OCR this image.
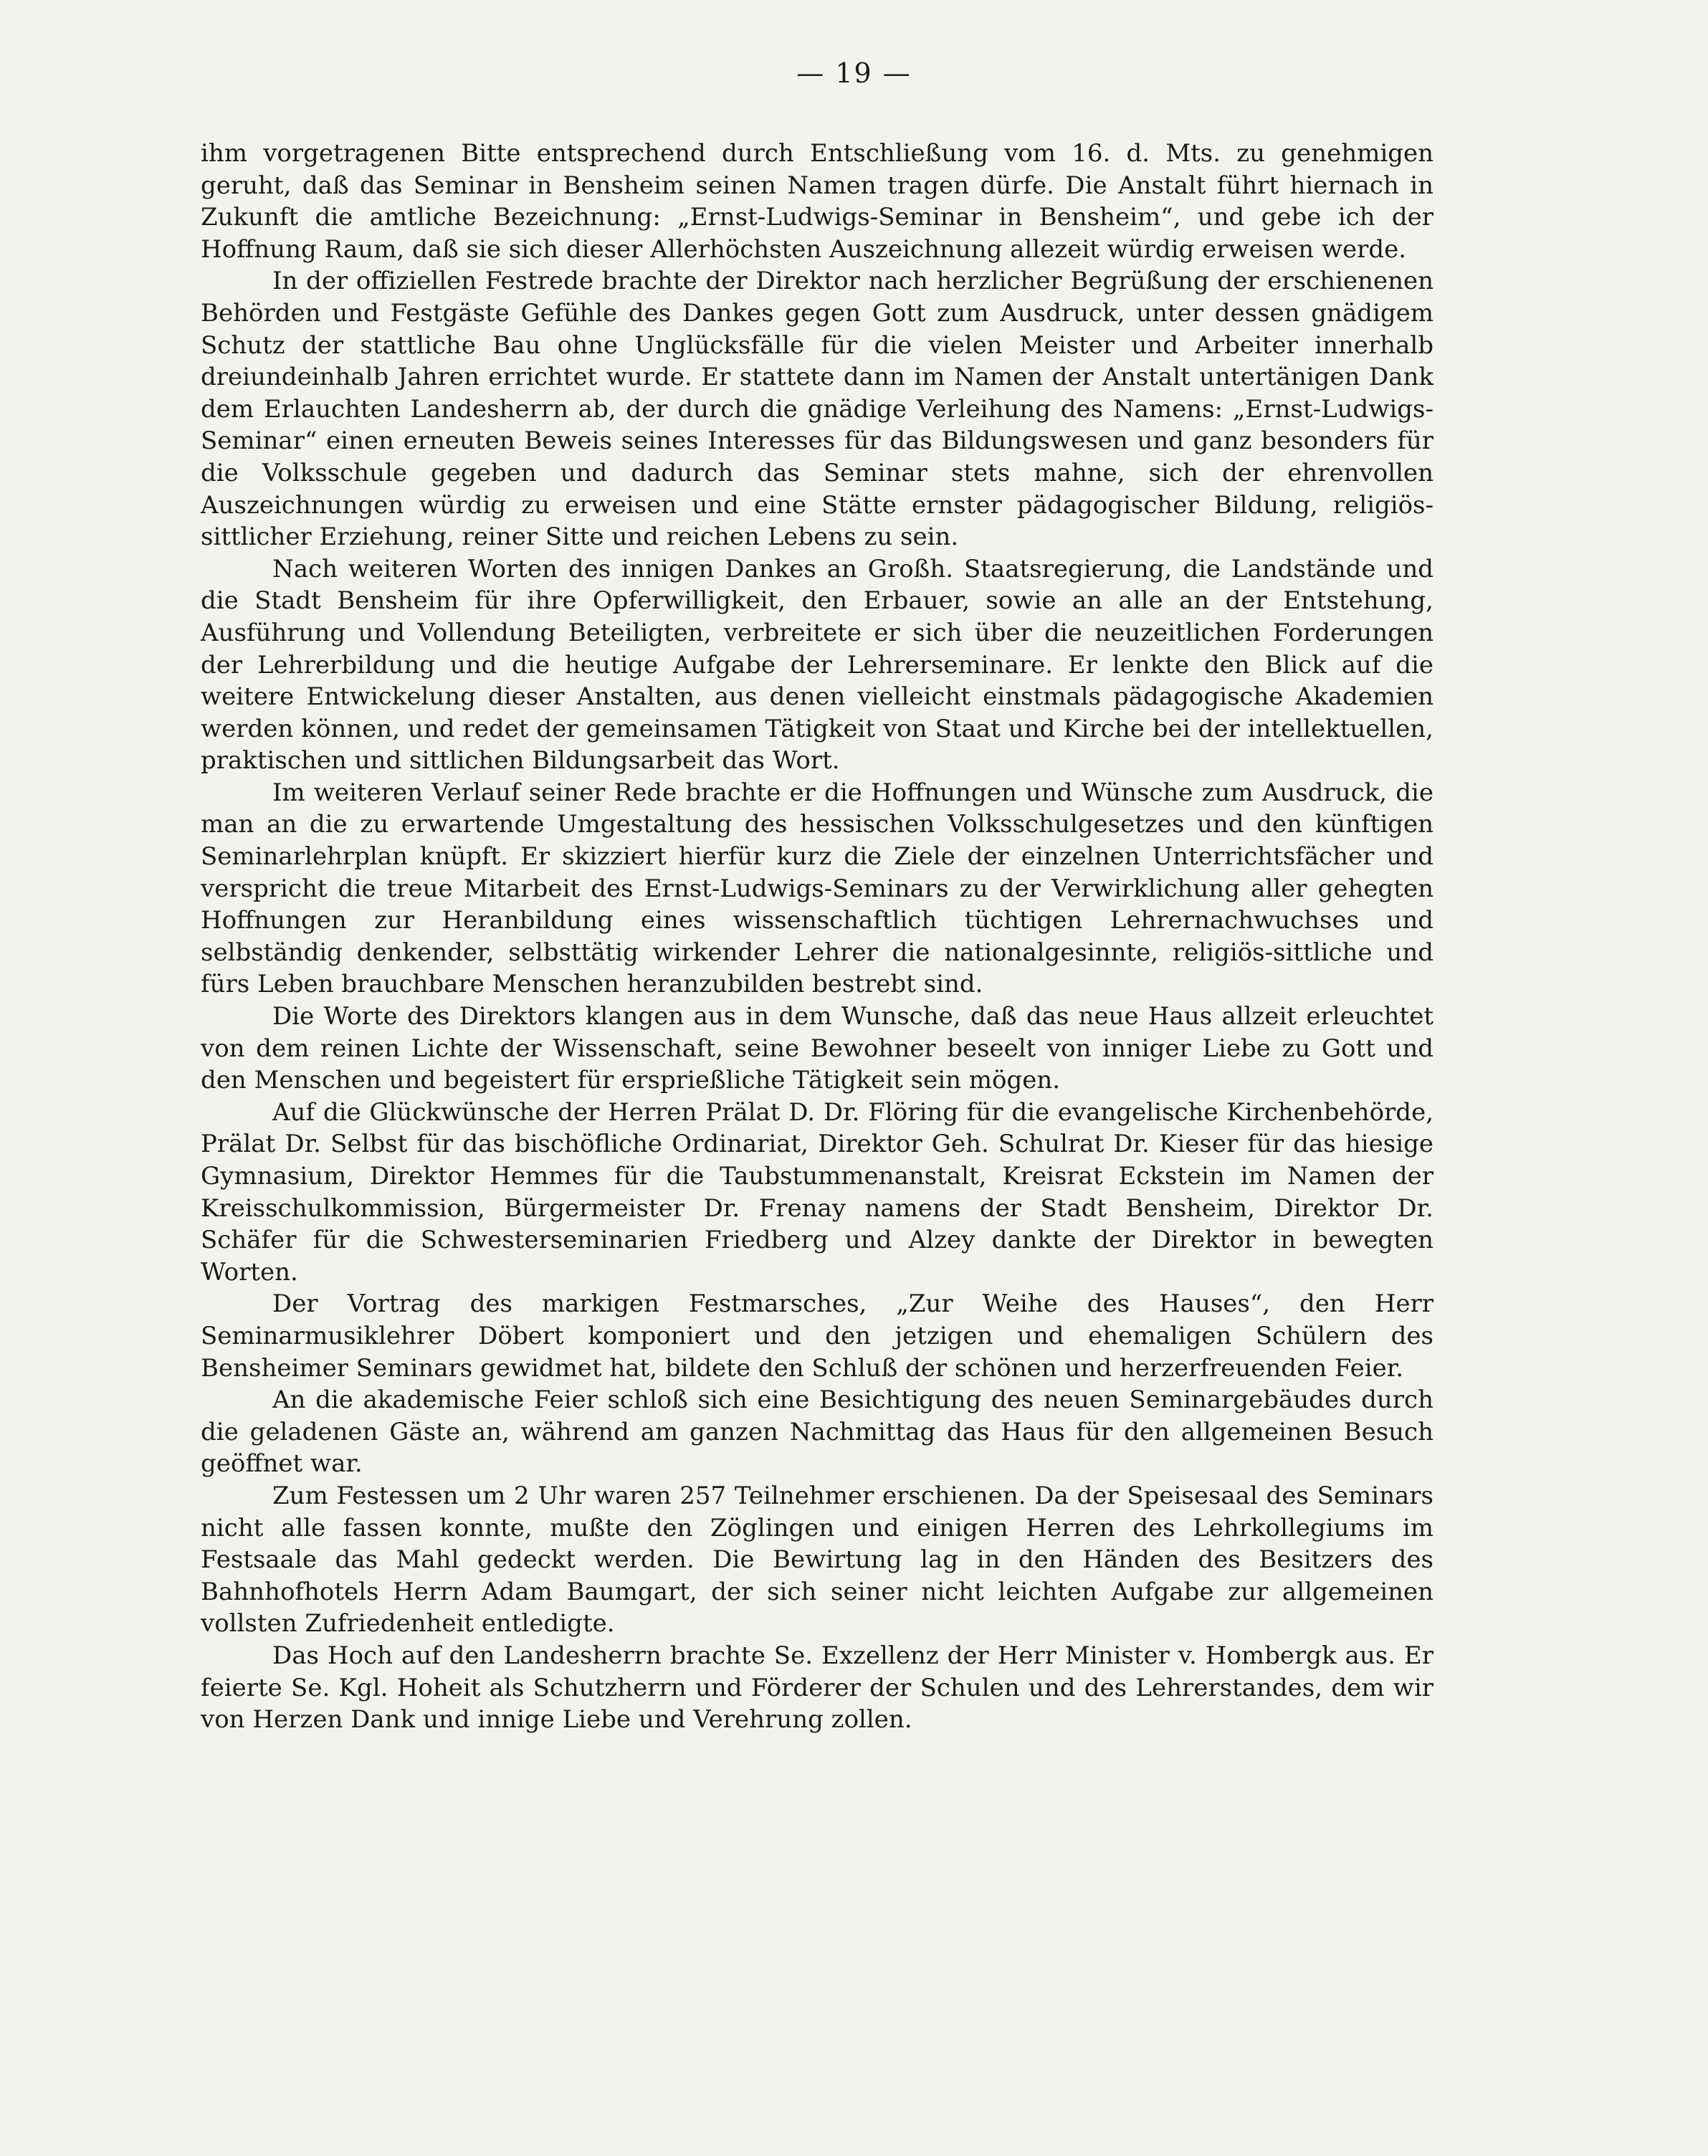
— 19 —

ihm vorgetragenen Bitte entsprechend durch Entschließung vom 16. d. Mts. zu genehmigen geruht, daß das Seminar in Bensheim seinen Namen tragen dürfe. Die Anstalt führt hiernach in Zukunft die amtliche Bezeichnung: „Ernst-Ludwigs-Seminar in Bensheim“, und gebe ich der Hoffnung Raum, daß sie sich dieser Allerhöchsten Auszeichnung allezeit würdig erweisen werde.

In der offiziellen Festrede brachte der Direktor nach herzlicher Begrüßung der erschienenen Behörden und Festgäste Gefühle des Dankes gegen Gott zum Ausdruck, unter dessen gnädigem Schutz der stattliche Bau ohne Unglücksfälle für die vielen Meister und Arbeiter innerhalb dreiundeinhalb Jahren errichtet wurde. Er stattete dann im Namen der Anstalt untertänigen Dank dem Erlauchten Landesherrn ab, der durch die gnädige Verleihung des Namens: „Ernst-Ludwigs-Seminar“ einen erneuten Beweis seines Interesses für das Bildungswesen und ganz besonders für die Volksschule gegeben und dadurch das Seminar stets mahne, sich der ehrenvollen Auszeichnungen würdig zu erweisen und eine Stätte ernster pädagogischer Bildung, religiös-sittlicher Erziehung, reiner Sitte und reichen Lebens zu sein.

Nach weiteren Worten des innigen Dankes an Großh. Staatsregierung, die Landstände und die Stadt Bensheim für ihre Opferwilligkeit, den Erbauer, sowie an alle an der Entstehung, Ausführung und Vollendung Beteiligten, verbreitete er sich über die neuzeitlichen Forderungen der Lehrerbildung und die heutige Aufgabe der Lehrerseminare. Er lenkte den Blick auf die weitere Entwickelung dieser Anstalten, aus denen vielleicht einstmals pädagogische Akademien werden können, und redet der gemeinsamen Tätigkeit von Staat und Kirche bei der intellektuellen, praktischen und sittlichen Bildungsarbeit das Wort.

Im weiteren Verlauf seiner Rede brachte er die Hoffnungen und Wünsche zum Ausdruck, die man an die zu erwartende Umgestaltung des hessischen Volksschulgesetzes und den künftigen Seminarlehrplan knüpft. Er skizziert hierfür kurz die Ziele der einzelnen Unterrichtsfächer und verspricht die treue Mitarbeit des Ernst-Ludwigs-Seminars zu der Verwirklichung aller gehegten Hoffnungen zur Heranbildung eines wissenschaftlich tüchtigen Lehrernachwuchses und selbständig denkender, selbsttätig wirkender Lehrer die nationalgesinnte, religiös-sittliche und fürs Leben brauchbare Menschen heranzubilden bestrebt sind.

Die Worte des Direktors klangen aus in dem Wunsche, daß das neue Haus allzeit erleuchtet von dem reinen Lichte der Wissenschaft, seine Bewohner beseelt von inniger Liebe zu Gott und den Menschen und begeistert für ersprießliche Tätigkeit sein mögen.

Auf die Glückwünsche der Herren Prälat D. Dr. Flöring für die evangelische Kirchenbehörde, Prälat Dr. Selbst für das bischöfliche Ordinariat, Direktor Geh. Schulrat Dr. Kieser für das hiesige Gymnasium, Direktor Hemmes für die Taubstummenanstalt, Kreisrat Eckstein im Namen der Kreisschulkommission, Bürgermeister Dr. Frenay namens der Stadt Bensheim, Direktor Dr. Schäfer für die Schwesterseminarien Friedberg und Alzey dankte der Direktor in bewegten Worten.

Der Vortrag des markigen Festmarsches, „Zur Weihe des Hauses“, den Herr Seminarmusiklehrer Döbert komponiert und den jetzigen und ehemaligen Schülern des Bensheimer Seminars gewidmet hat, bildete den Schluß der schönen und herzerfreuenden Feier.

An die akademische Feier schloß sich eine Besichtigung des neuen Seminargebäudes durch die geladenen Gäste an, während am ganzen Nachmittag das Haus für den allgemeinen Besuch geöffnet war.

Zum Festessen um 2 Uhr waren 257 Teilnehmer erschienen. Da der Speisesaal des Seminars nicht alle fassen konnte, mußte den Zöglingen und einigen Herren des Lehrkollegiums im Festsaale das Mahl gedeckt werden. Die Bewirtung lag in den Händen des Besitzers des Bahnhofhotels Herrn Adam Baumgart, der sich seiner nicht leichten Aufgabe zur allgemeinen vollsten Zufriedenheit entledigte.

Das Hoch auf den Landesherrn brachte Se. Exzellenz der Herr Minister v. Hombergk aus. Er feierte Se. Kgl. Hoheit als Schutzherrn und Förderer der Schulen und des Lehrerstandes, dem wir von Herzen Dank und innige Liebe und Verehrung zollen.
